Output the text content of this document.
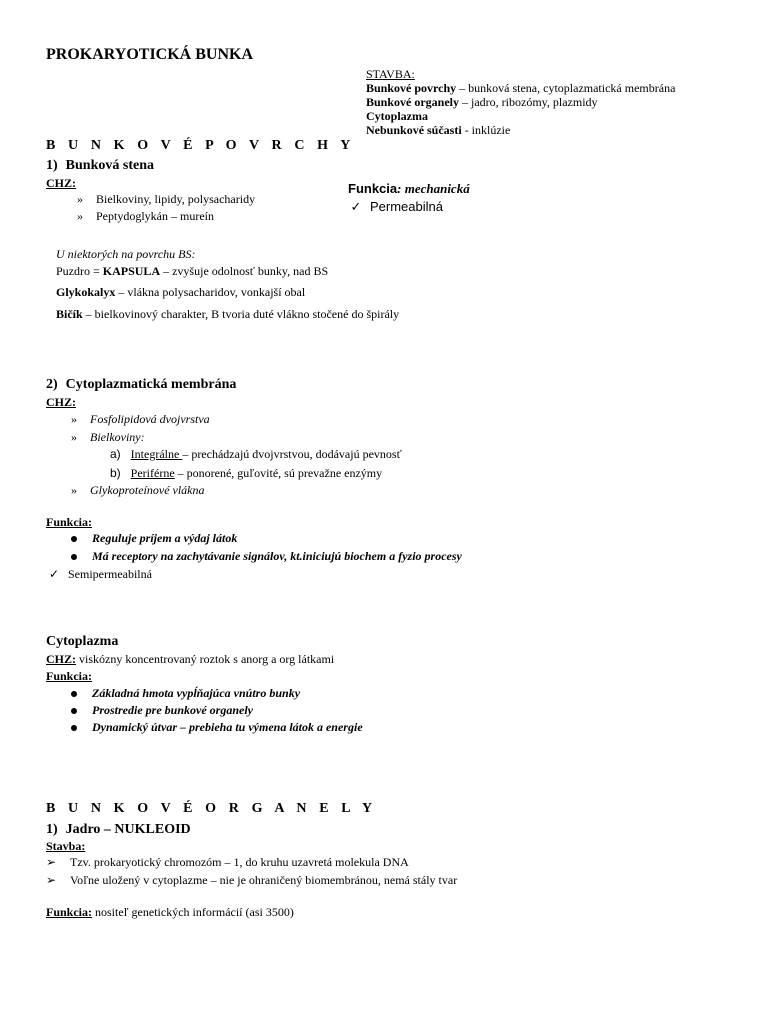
PROKARYOTICKÁ BUNKA
STAVBA:
Bunkové povrchy – bunková stena, cytoplazmatická membrána
Bunkové organely – jadro, ribozómy, plazmidy
Cytoplazma
Nebunkové súčasti - inklúzie
B U N K O V É P O V R C H Y
1) Bunková stena
CHZ:
» Bielkoviny, lipidy, polysacharidy
» Peptydoglykán – mureín
Funkcia: mechanická
✓ Permeabilná
U niektorých na povrchu BS:
Puzdro = KAPSULA – zvyšuje odolnosť bunky, nad BS
Glykokalyx – vlákna polysacharidov, vonkajší obal
Bičík – bielkovinový charakter, B tvoria duté vlákno stočené do špirály
2) Cytoplazmatická membrána
CHZ:
» Fosfolipidová dvojvrstva
» Bielkoviny:
a) Integrálne – prechádzajú dvojvrstvou, dodávajú pevnosť
b) Periférne – ponorené, guľovité, sú prevažne enzýmy
» Glykoproteínové vlákna
Funkcia:
Reguluje príjem a výdaj látok
Má receptory na zachytávanie signálov, kt.iniciujú biochem a fyzio procesy
✓ Semipermeabilná
Cytoplazma
CHZ: viskózny koncentrovaný roztok s anorg a org látkami
Funkcia:
Základná hmota vypĺňajúca vnútro bunky
Prostredie pre bunkové organely
Dynamický útvar – prebieha tu výmena látok a energie
B U N K O V É O R G A N E L Y
1) Jadro – NUKLEOID
Stavba:
➢ Tzv. prokaryotický chromozóm – 1, do kruhu uzavretá molekula DNA
➢ Voľne uložený v cytoplazme – nie je ohraničený biomembránou, nemá stály tvar
Funkcia: nositeľ genetických informácií (asi 3500)
